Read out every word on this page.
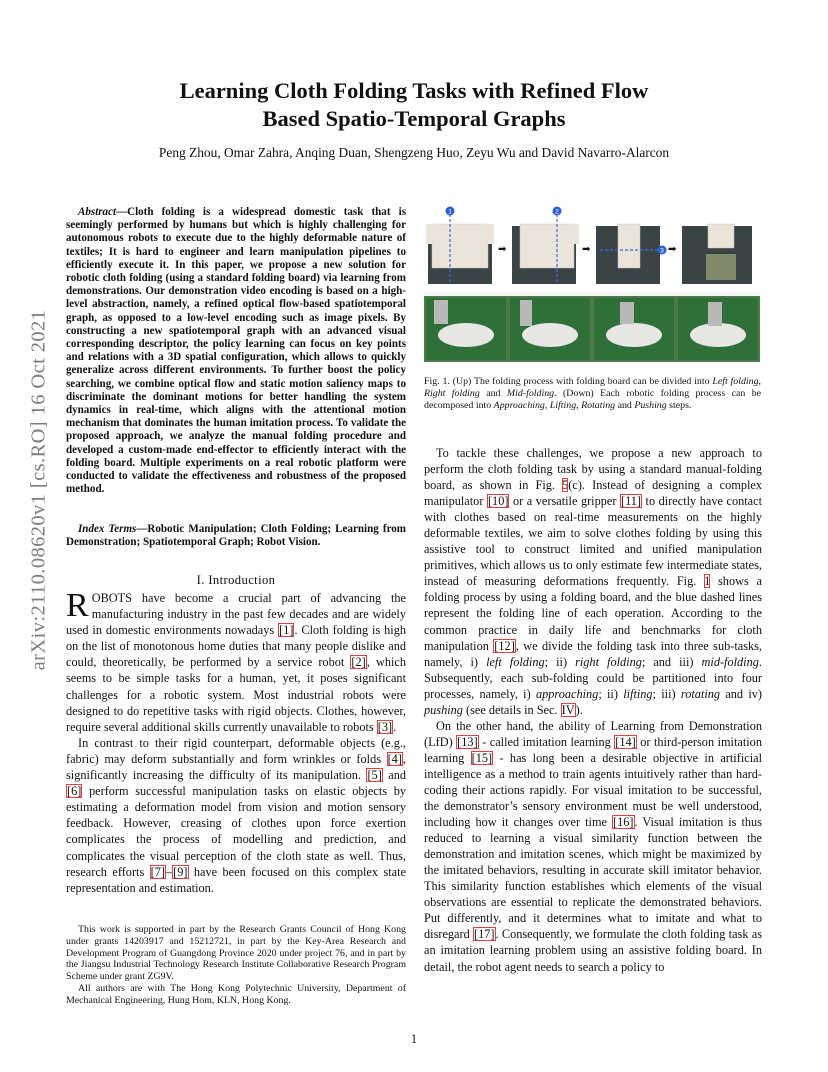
arXiv:2110.08620v1 [cs.RO] 16 Oct 2021
Learning Cloth Folding Tasks with Refined Flow
Based Spatio-Temporal Graphs
Peng Zhou, Omar Zahra, Anqing Duan, Shengzeng Huo, Zeyu Wu and David Navarro-Alarcon
Abstract—Cloth folding is a widespread domestic task that is seemingly performed by humans but which is highly challenging for autonomous robots to execute due to the highly deformable nature of textiles; It is hard to engineer and learn manipulation pipelines to efficiently execute it. In this paper, we propose a new solution for robotic cloth folding (using a standard folding board) via learning from demonstrations. Our demonstration video encoding is based on a high-level abstraction, namely, a refined optical flow-based spatiotemporal graph, as opposed to a low-level encoding such as image pixels. By constructing a new spatiotemporal graph with an advanced visual corresponding descriptor, the policy learning can focus on key points and relations with a 3D spatial configuration, which allows to quickly generalize across different environments. To further boost the policy searching, we combine optical flow and static motion saliency maps to discriminate the dominant motions for better handling the system dynamics in real-time, which aligns with the attentional motion mechanism that dominates the human imitation process. To validate the proposed approach, we analyze the manual folding procedure and developed a custom-made end-effector to efficiently interact with the folding board. Multiple experiments on a real robotic platform were conducted to validate the effectiveness and robustness of the proposed method.
Index Terms—Robotic Manipulation; Cloth Folding; Learning from Demonstration; Spatiotemporal Graph; Robot Vision.
I. Introduction

ROBOTS have become a crucial part of advancing the manufacturing industry in the past few decades and are widely used in domestic environments nowadays [1]. Cloth folding is high on the list of monotonous home duties that many people dislike and could, theoretically, be performed by a service robot [2], which seems to be simple tasks for a human, yet, it poses significant challenges for a robotic system. Most industrial robots were designed to do repetitive tasks with rigid objects. Clothes, however, require several additional skills currently unavailable to robots [3].

In contrast to their rigid counterpart, deformable objects (e.g., fabric) may deform substantially and form wrinkles or folds [4], significantly increasing the difficulty of its manipulation. [5] and [6] perform successful manipulation tasks on elastic objects by estimating a deformation model from vision and motion sensory feedback. However, creasing of clothes upon force exertion complicates the process of modelling and prediction, and complicates the visual perception of the cloth state as well. Thus, research efforts [7]–[9] have been focused on this complex state representation and estimation.

This work is supported in part by the Research Grants Council of Hong Kong under grants 14203917 and 15212721, in part by the Key-Area Research and Development Program of Guangdong Province 2020 under project 76, and in part by the Jiangsu Industrial Technology Research Institute Collaborative Research Program Scheme under grant ZG9V.

All authors are with The Hong Kong Polytechnic University, Department of Mechanical Engineering, Hung Hom, KLN, Hong Kong.

1
➡
2
➡	3 ➡
Fig. 1. (Up) The folding process with folding board can be divided into Left folding, Right folding and Mid-folding. (Down) Each robotic folding process can be decomposed into Approaching, Lifting, Rotating and Pushing steps.

To tackle these challenges, we propose a new approach to perform the cloth folding task by using a standard manual-folding board, as shown in Fig. 5(c). Instead of designing a complex manipulator [10] or a versatile gripper [11] to directly have contact with clothes based on real-time measurements on the highly deformable textiles, we aim to solve clothes folding by using this assistive tool to construct limited and unified manipulation primitives, which allows us to only estimate few intermediate states, instead of measuring deformations frequently. Fig. 1 shows a folding process by using a folding board, and the blue dashed lines represent the folding line of each operation. According to the common practice in daily life and benchmarks for cloth manipulation [12], we divide the folding task into three sub-tasks, namely, i) left folding; ii) right folding; and iii) mid-folding. Subsequently, each sub-folding could be partitioned into four processes, namely, i) approaching; ii) lifting; iii) rotating and iv) pushing (see details in Sec. IV).

On the other hand, the ability of Learning from Demonstration (LfD) [13] - called imitation learning [14] or third-person imitation learning [15] - has long been a desirable objective in artificial intelligence as a method to train agents intuitively rather than hard-coding their actions rapidly. For visual imitation to be successful, the demonstrator’s sensory environment must be well understood, including how it changes over time [16]. Visual imitation is thus reduced to learning a visual similarity function between the demonstration and imitation scenes, which might be maximized by the imitated behaviors, resulting in accurate skill imitator behavior. This similarity function establishes which elements of the visual observations are essential to replicate the demonstrated behaviors. Put differently, and it determines what to imitate and what to disregard [17]. Consequently, we formulate the cloth folding task as an imitation learning problem using an assistive folding board. In detail, the robot agent needs to search a policy to

1
